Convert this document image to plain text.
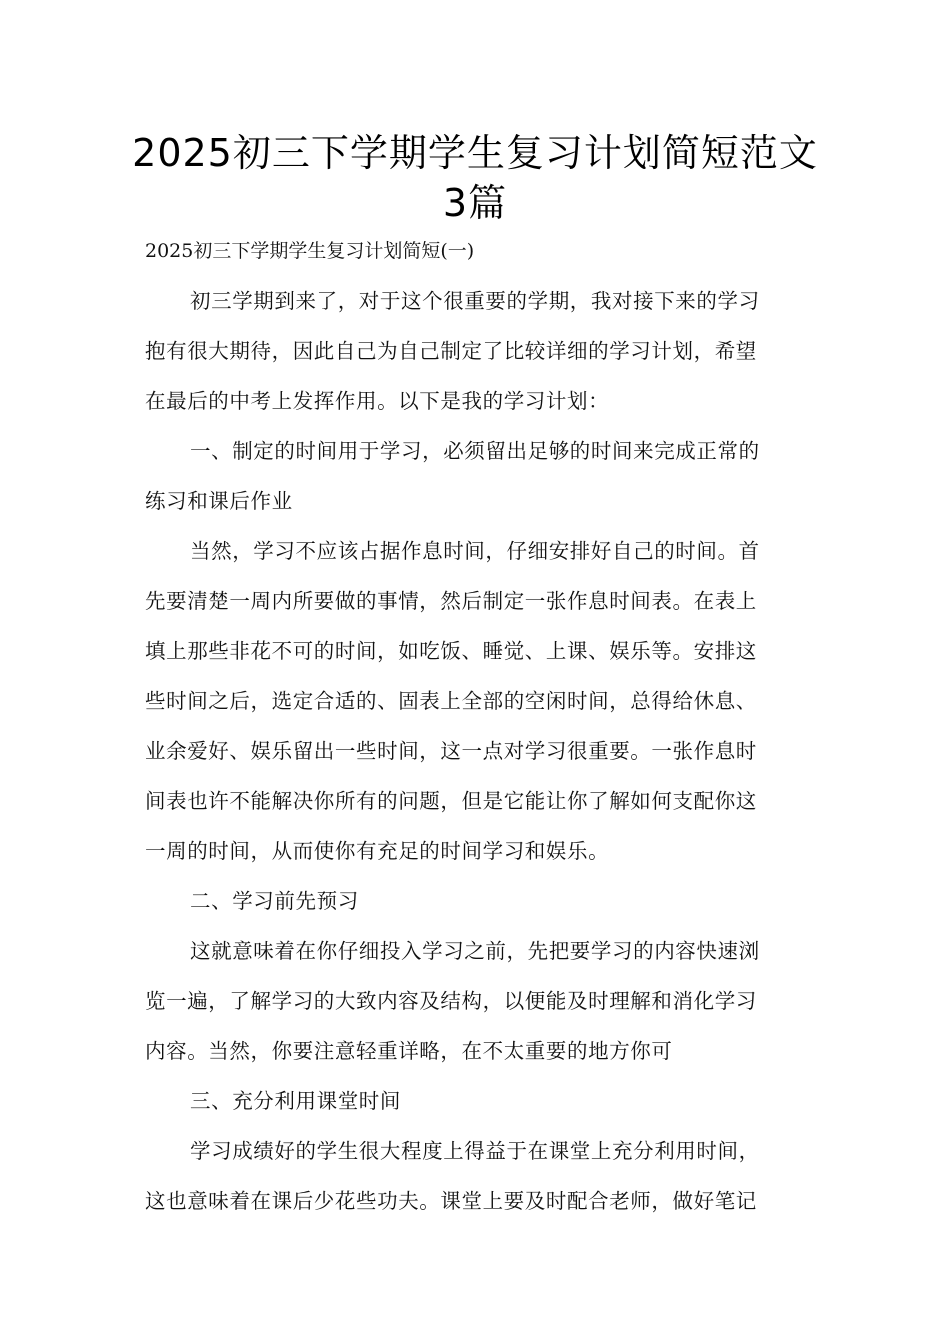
2025初三下学期学生复习计划简短范文
3篇
2025初三下学期学生复习计划简短(一)
初三学期到来了，对于这个很重要的学期，我对接下来的学习
抱有很大期待，因此自己为自己制定了比较详细的学习计划，希望
在最后的中考上发挥作用。以下是我的学习计划：
一、制定的时间用于学习，必须留出足够的时间来完成正常的
练习和课后作业
当然，学习不应该占据作息时间，仔细安排好自己的时间。首
先要清楚一周内所要做的事情，然后制定一张作息时间表。在表上
填上那些非花不可的时间，如吃饭、睡觉、上课、娱乐等。安排这
些时间之后，选定合适的、固表上全部的空闲时间，总得给休息、
业余爱好、娱乐留出一些时间，这一点对学习很重要。一张作息时
间表也许不能解决你所有的问题，但是它能让你了解如何支配你这
一周的时间，从而使你有充足的时间学习和娱乐。
二、学习前先预习
这就意味着在你仔细投入学习之前，先把要学习的内容快速浏
览一遍，了解学习的大致内容及结构，以便能及时理解和消化学习
内容。当然，你要注意轻重详略，在不太重要的地方你可
三、充分利用课堂时间
学习成绩好的学生很大程度上得益于在课堂上充分利用时间，
这也意味着在课后少花些功夫。课堂上要及时配合老师，做好笔记
